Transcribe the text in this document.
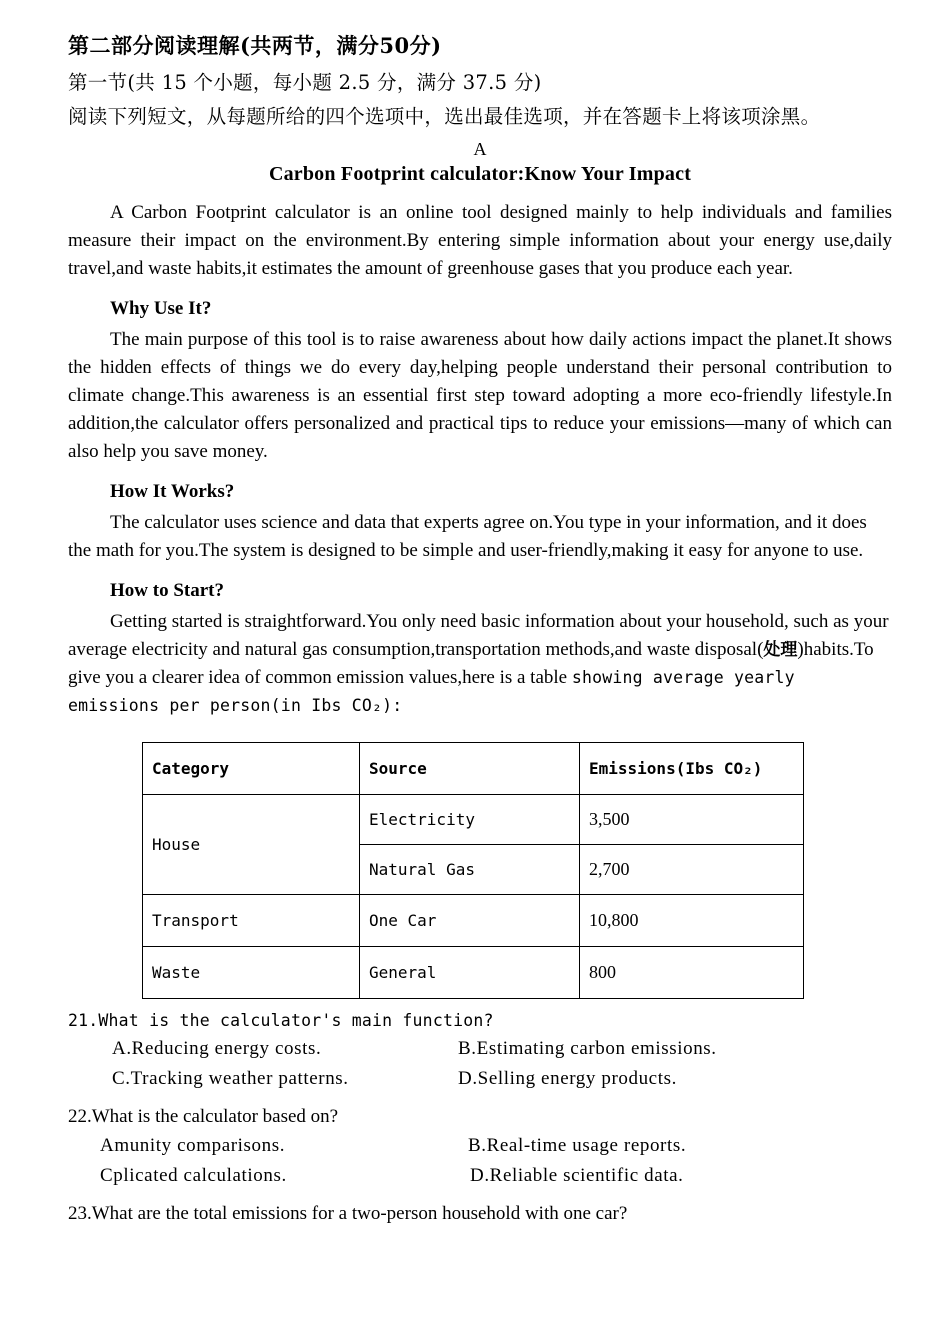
第二部分阅读理解(共两节，满分50分)
第一节(共 15 个小题，每小题 2.5 分，满分 37.5 分)
阅读下列短文，从每题所给的四个选项中，选出最佳选项，并在答题卡上将该项涂黑。
A
Carbon Footprint calculator:Know Your Impact

A Carbon Footprint calculator is an online tool designed mainly to help individuals and families measure their impact on the environment.By entering simple information about your energy use,daily travel,and waste habits,it estimates the amount of greenhouse gases that you produce each year.

Why Use It?

The main purpose of this tool is to raise awareness about how daily actions impact the planet.It shows the hidden effects of things we do every day,helping people understand their personal contribution to climate change.This awareness is an essential first step toward adopting a more eco-friendly lifestyle.In addition,the calculator offers personalized and practical tips to reduce your emissions—many of which can also help you save money.

How It Works?

The calculator uses science and data that experts agree on.You type in your information, and it does the math for you.The system is designed to be simple and user-friendly,making it easy for anyone to use.

How to Start?

Getting started is straightforward.You only need basic information about your household, such as your average electricity and natural gas consumption,transportation methods,and waste disposal(处理)habits.To give you a clearer idea of common emission values,here is a table showing average yearly emissions per person(in Ibs CO₂):

Category	Source	Emissions(Ibs CO₂)
House	Electricity	3,500
	Natural Gas	2,700
Transport	One Car	10,800
Waste	General	800
21.What is the calculator's main function?
A.Reducing energy costs.	B.Estimating carbon emissions.
C.Tracking weather patterns.	D.Selling energy products.
22.What is the calculator based on?
Amunity comparisons.	B.Real-time usage reports.
Cplicated calculations.	D.Reliable scientific data.
23.What are the total emissions for a two-person household with one car?
